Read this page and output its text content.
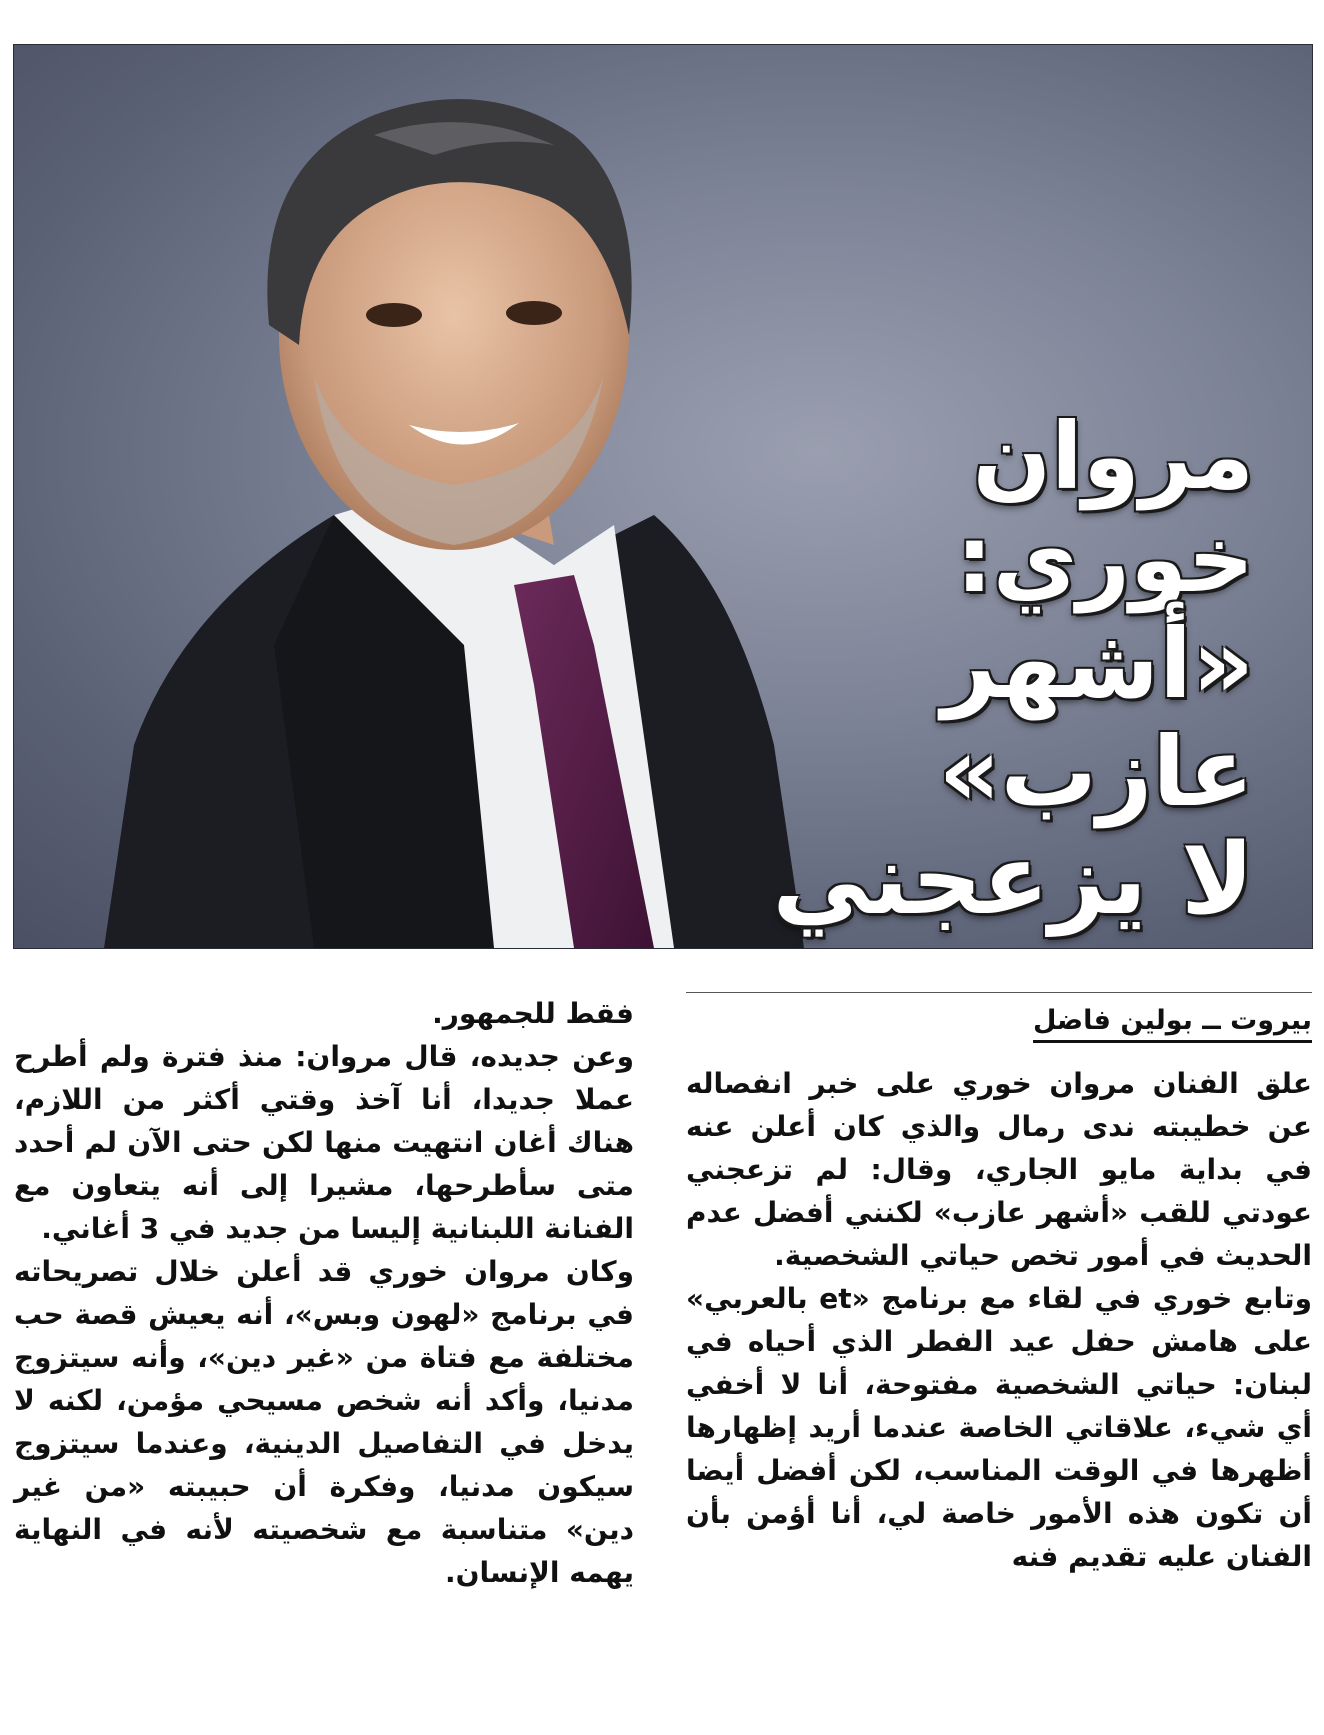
مروان خوري:
«أشهر عازب»
لا يزعجني
بيروت ــ بولين فاضل

علق الفنان مروان خوري على خبر انفصاله عن خطيبته ندى رمال والذي كان أعلن عنه في بداية مايو الجاري، وقال: لم تزعجني عودتي للقب «أشهر عازب» لكنني أفضل عدم الحديث في أمور تخص حياتي الشخصية.

وتابع خوري في لقاء مع برنامج «et بالعربي» على هامش حفل عيد الفطر الذي أحياه في لبنان: حياتي الشخصية مفتوحة، أنا لا أخفي أي شيء، علاقاتي الخاصة عندما أريد إظهارها أظهرها في الوقت المناسب، لكن أفضل أيضا أن تكون هذه الأمور خاصة لي، أنا أؤمن بأن الفنان عليه تقديم فنه

فقط للجمهور.

وعن جديده، قال مروان: منذ فترة ولم أطرح عملا جديدا، أنا آخذ وقتي أكثر من اللازم، هناك أغان انتهيت منها لكن حتى الآن لم أحدد متى سأطرحها، مشيرا إلى أنه يتعاون مع الفنانة اللبنانية إليسا من جديد في 3 أغاني.

وكان مروان خوري قد أعلن خلال تصريحاته في برنامج «لهون وبس»، أنه يعيش قصة حب مختلفة مع فتاة من «غير دين»، وأنه سيتزوج مدنيا، وأكد أنه شخص مسيحي مؤمن، لكنه لا يدخل في التفاصيل الدينية، وعندما سيتزوج سيكون مدنيا، وفكرة أن حبيبته «من غير دين» متناسبة مع شخصيته لأنه في النهاية يهمه الإنسان.
